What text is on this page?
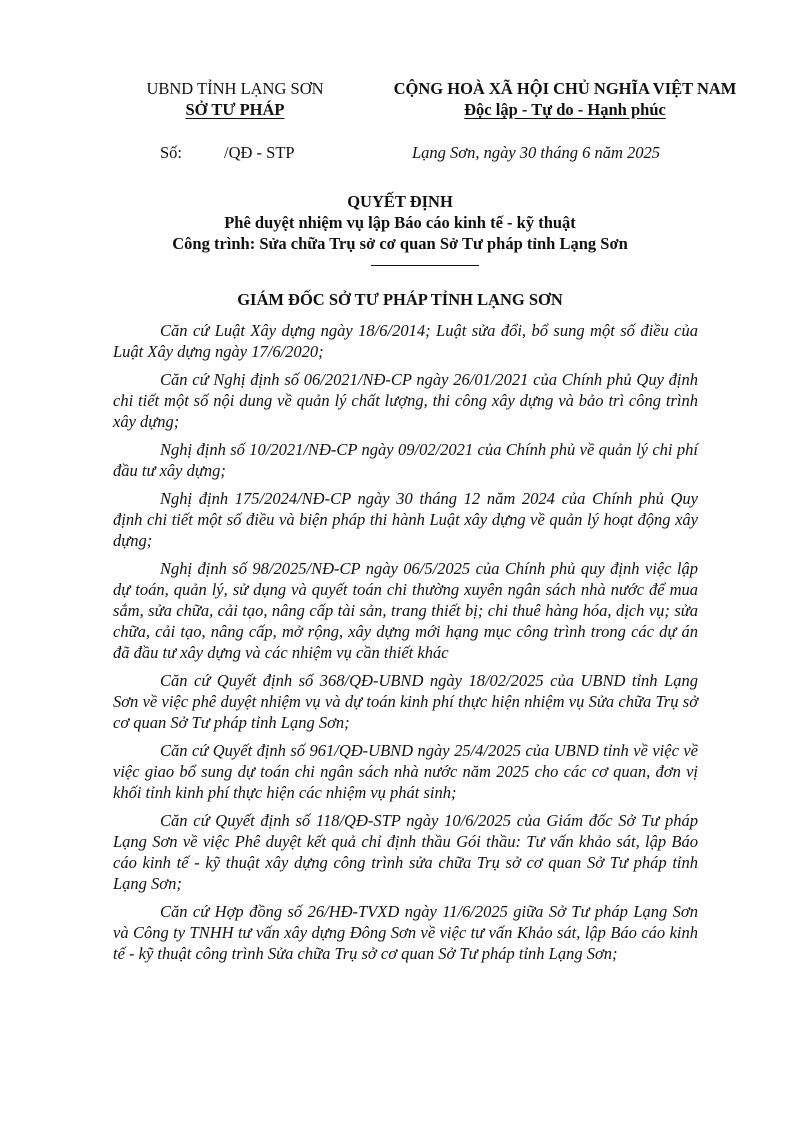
UBND TỈNH LẠNG SƠN
SỞ TƯ PHÁP
CỘNG HOÀ XÃ HỘI CHỦ NGHĨA VIỆT NAM
Độc lập - Tự do - Hạnh phúc
Số:	/QĐ - STP	Lạng Sơn, ngày 30 tháng 6 năm 2025
QUYẾT ĐỊNH
Phê duyệt nhiệm vụ lập Báo cáo kinh tế - kỹ thuật
Công trình: Sửa chữa Trụ sở cơ quan Sở Tư pháp tỉnh Lạng Sơn
GIÁM ĐỐC SỞ TƯ PHÁP TỈNH LẠNG SƠN

Căn cứ Luật Xây dựng ngày 18/6/2014; Luật sửa đổi, bổ sung một số điều của Luật Xây dựng ngày 17/6/2020;

Căn cứ Nghị định số 06/2021/NĐ-CP ngày 26/01/2021 của Chính phủ Quy định chi tiết một số nội dung về quản lý chất lượng, thi công xây dựng và bảo trì công trình xây dựng;

Nghị định số 10/2021/NĐ-CP ngày 09/02/2021 của Chính phủ về quản lý chi phí đầu tư xây dựng;

Nghị định 175/2024/NĐ-CP ngày 30 tháng 12 năm 2024 của Chính phủ Quy định chi tiết một số điều và biện pháp thi hành Luật xây dựng về quản lý hoạt động xây dựng;

Nghị định số 98/2025/NĐ-CP ngày 06/5/2025 của Chính phủ quy định việc lập dự toán, quản lý, sử dụng và quyết toán chi thường xuyên ngân sách nhà nước để mua sắm, sửa chữa, cải tạo, nâng cấp tài sản, trang thiết bị; chi thuê hàng hóa, dịch vụ; sửa chữa, cải tạo, nâng cấp, mở rộng, xây dựng mới hạng mục công trình trong các dự án đã đầu tư xây dựng và các nhiệm vụ cần thiết khác

Căn cứ Quyết định số 368/QĐ-UBND ngày 18/02/2025 của UBND tỉnh Lạng Sơn về việc phê duyệt nhiệm vụ và dự toán kinh phí thực hiện nhiệm vụ Sửa chữa Trụ sở cơ quan Sở Tư pháp tỉnh Lạng Sơn;

Căn cứ Quyết định số 961/QĐ-UBND ngày 25/4/2025 của UBND tỉnh về việc về việc giao bổ sung dự toán chi ngân sách nhà nước năm 2025 cho các cơ quan, đơn vị khối tỉnh kinh phí thực hiện các nhiệm vụ phát sinh;

Căn cứ Quyết định số 118/QĐ-STP ngày 10/6/2025 của Giám đốc Sở Tư pháp Lạng Sơn về việc Phê duyệt kết quả chỉ định thầu Gói thầu: Tư vấn khảo sát, lập Báo cáo kinh tế - kỹ thuật xây dựng công trình sửa chữa Trụ sở cơ quan Sở Tư pháp tỉnh Lạng Sơn;

Căn cứ Hợp đồng số 26/HĐ-TVXD ngày 11/6/2025 giữa Sở Tư pháp Lạng Sơn và Công ty TNHH tư vấn xây dựng Đông Sơn về việc tư vấn Khảo sát, lập Báo cáo kinh tế - kỹ thuật công trình Sửa chữa Trụ sở cơ quan Sở Tư pháp tỉnh Lạng Sơn;
